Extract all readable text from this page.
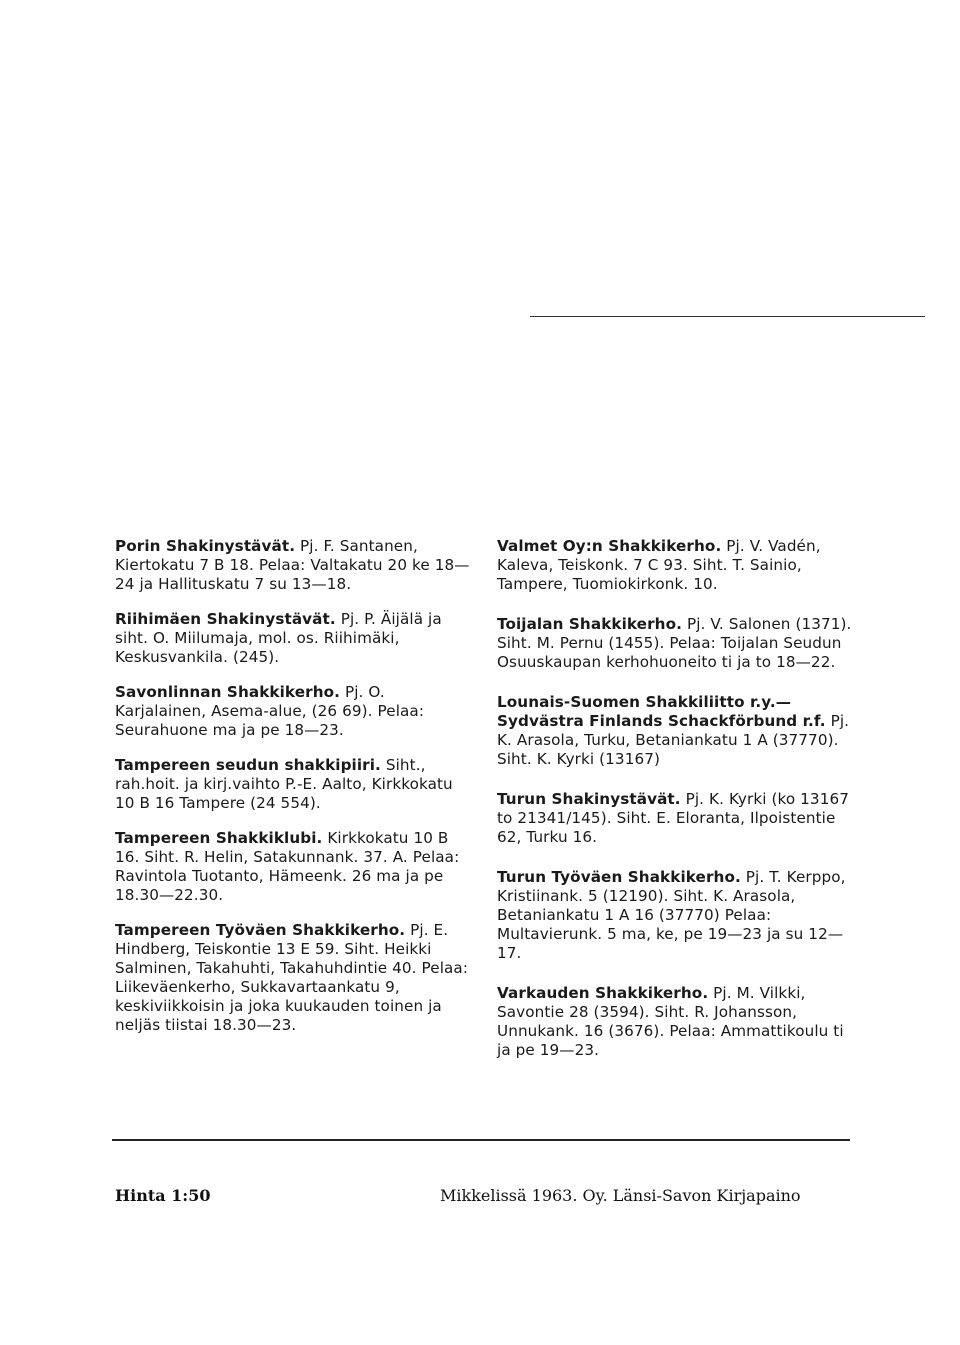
Porin Shakinystävät. Pj. F. Santanen, Kiertokatu 7 B 18. Pelaa: Valtakatu 20 ke 18—24 ja Hallituskatu 7 su 13—18.
Riihimäen Shakinystävät. Pj. P. Äijälä ja siht. O. Miilumaja, mol. os. Riihimäki, Keskusvankila. (245).
Savonlinnan Shakkikerho. Pj. O. Karjalainen, Asema-alue, (26 69). Pelaa: Seurahuone ma ja pe 18—23.
Tampereen seudun shakkipiiri. Siht., rah.hoit. ja kirj.vaihto P.-E. Aalto, Kirkkokatu 10 B 16 Tampere (24 554).
Tampereen Shakkiklubi. Kirkkokatu 10 B 16. Siht. R. Helin, Satakunnank. 37. A. Pelaa: Ravintola Tuotanto, Hämeenk. 26 ma ja pe 18.30—22.30.
Tampereen Työväen Shakkikerho. Pj. E. Hindberg, Teiskontie 13 E 59. Siht. Heikki Salminen, Takahuhti, Takahuhdintie 40. Pelaa: Liikeväenkerho, Sukkavartaankatu 9, keskiviikkoisin ja joka kuukauden toinen ja neljäs tiistai 18.30—23.
Valmet Oy:n Shakkikerho. Pj. V. Vadén, Kaleva, Teiskonk. 7 C 93. Siht. T. Sainio, Tampere, Tuomiokirkonk. 10.
Toijalan Shakkikerho. Pj. V. Salonen (1371). Siht. M. Pernu (1455). Pelaa: Toijalan Seudun Osuuskaupan kerhohuoneito ti ja to 18—22.
Lounais-Suomen Shakkiliitto r.y.—Sydvästra Finlands Schackförbund r.f. Pj. K. Arasola, Turku, Betaniankatu 1 A (37770). Siht. K. Kyrki (13167)
Turun Shakinystävät. Pj. K. Kyrki (ko 13167 to 21341/145). Siht. E. Eloranta, Ilpoistentie 62, Turku 16.
Turun Työväen Shakkikerho. Pj. T. Kerppo, Kristiinank. 5 (12190). Siht. K. Arasola, Betaniankatu 1 A 16 (37770) Pelaa: Multavierunk. 5 ma, ke, pe 19—23 ja su 12—17.
Varkauden Shakkikerho. Pj. M. Vilkki, Savontie 28 (3594). Siht. R. Johansson, Unnukank. 16 (3676). Pelaa: Ammattikoulu ti ja pe 19—23.
Hinta 1:50	Mikkelissä 1963. Oy. Länsi-Savon Kirjapaino
